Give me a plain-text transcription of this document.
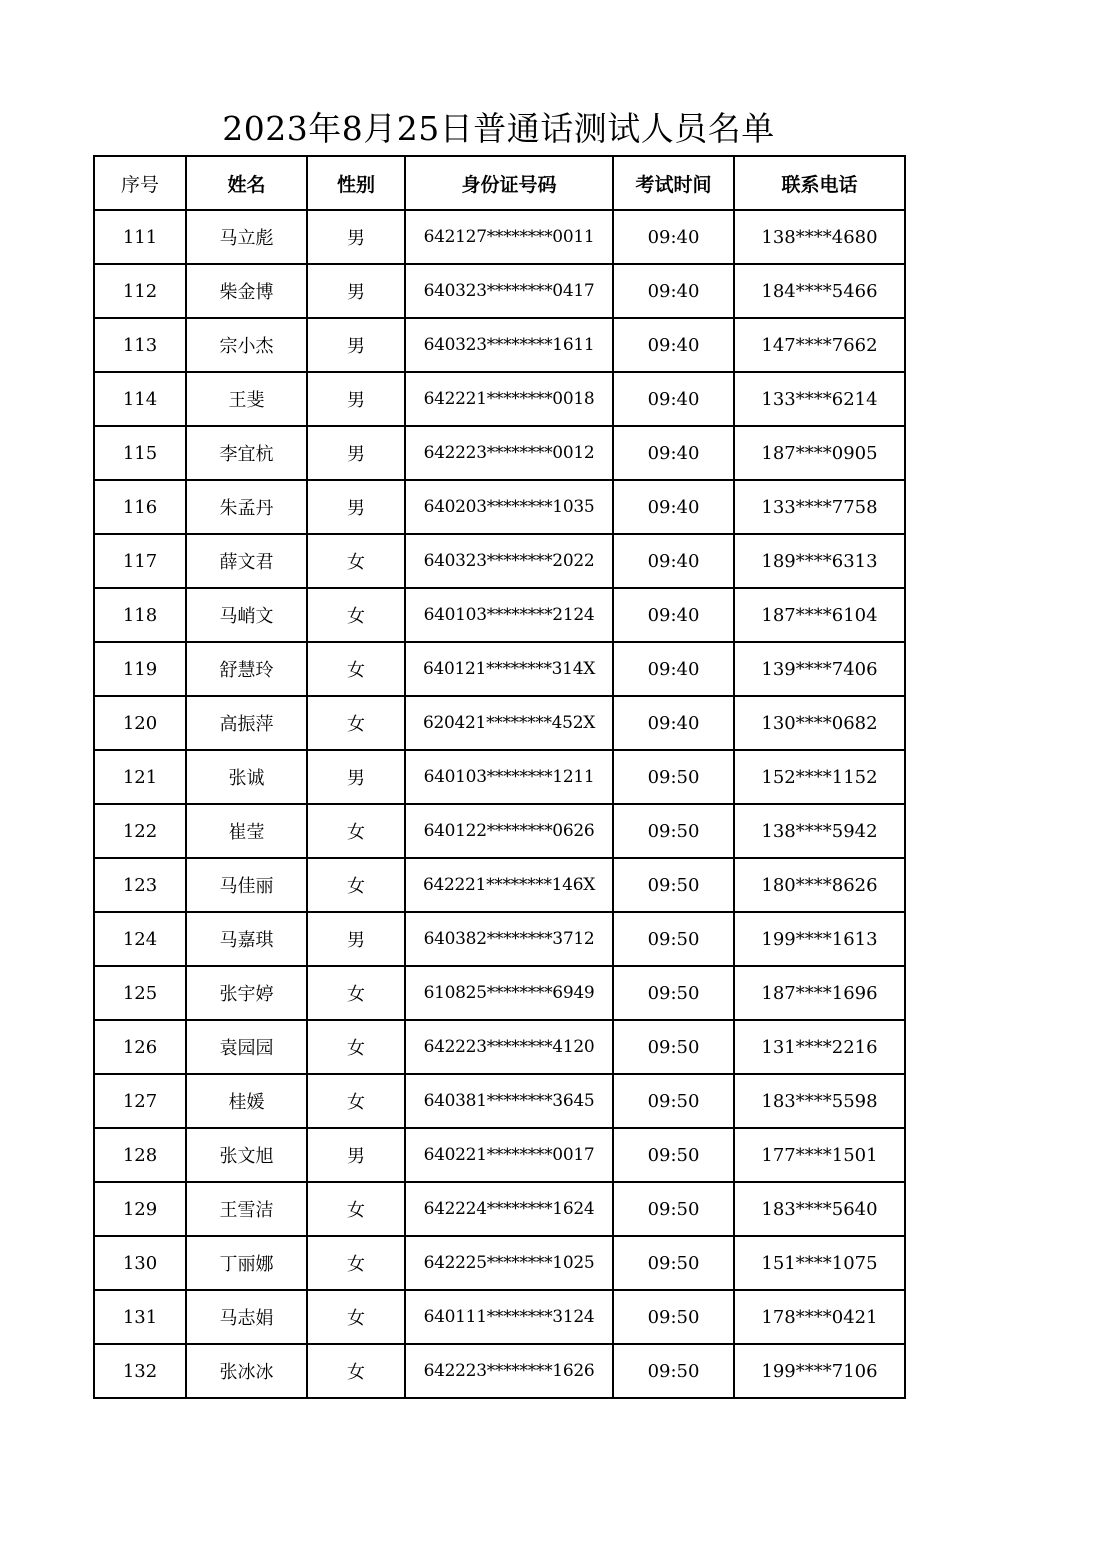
2023年8月25日普通话测试人员名单
序号	姓名	性别	身份证号码	考试时间	联系电话
111	马立彪	男	642127********0011	09:40	138****4680
112	柴金博	男	640323********0417	09:40	184****5466
113	宗小杰	男	640323********1611	09:40	147****7662
114	王斐	男	642221********0018	09:40	133****6214
115	李宜杭	男	642223********0012	09:40	187****0905
116	朱孟丹	男	640203********1035	09:40	133****7758
117	薛文君	女	640323********2022	09:40	189****6313
118	马峭文	女	640103********2124	09:40	187****6104
119	舒慧玲	女	640121********314X	09:40	139****7406
120	高振萍	女	620421********452X	09:40	130****0682
121	张诚	男	640103********1211	09:50	152****1152
122	崔莹	女	640122********0626	09:50	138****5942
123	马佳丽	女	642221********146X	09:50	180****8626
124	马嘉琪	男	640382********3712	09:50	199****1613
125	张宇婷	女	610825********6949	09:50	187****1696
126	袁园园	女	642223********4120	09:50	131****2216
127	桂媛	女	640381********3645	09:50	183****5598
128	张文旭	男	640221********0017	09:50	177****1501
129	王雪洁	女	642224********1624	09:50	183****5640
130	丁丽娜	女	642225********1025	09:50	151****1075
131	马志娟	女	640111********3124	09:50	178****0421
132	张冰冰	女	642223********1626	09:50	199****7106
